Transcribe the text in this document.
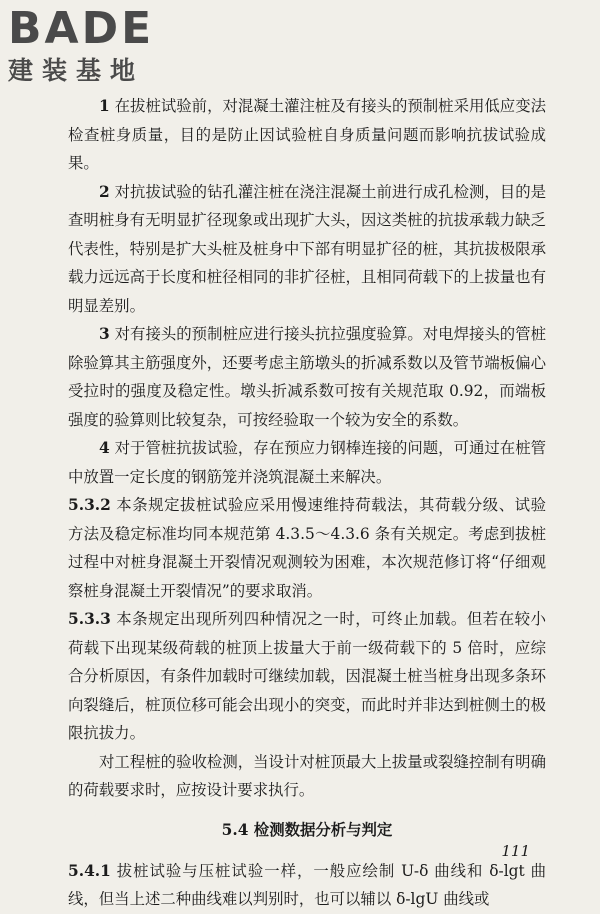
BADE
建装基地

1 在拔桩试验前，对混凝土灌注桩及有接头的预制桩采用低应变法检查桩身质量，目的是防止因试验桩自身质量问题而影响抗拔试验成果。

2 对抗拔试验的钻孔灌注桩在浇注混凝土前进行成孔检测，目的是查明桩身有无明显扩径现象或出现扩大头，因这类桩的抗拔承载力缺乏代表性，特别是扩大头桩及桩身中下部有明显扩径的桩，其抗拔极限承载力远远高于长度和桩径相同的非扩径桩，且相同荷载下的上拔量也有明显差别。

3 对有接头的预制桩应进行接头抗拉强度验算。对电焊接头的管桩除验算其主筋强度外，还要考虑主筋墩头的折减系数以及管节端板偏心受拉时的强度及稳定性。墩头折减系数可按有关规范取 0.92，而端板强度的验算则比较复杂，可按经验取一个较为安全的系数。

4 对于管桩抗拔试验，存在预应力钢棒连接的问题，可通过在桩管中放置一定长度的钢筋笼并浇筑混凝土来解决。

5.3.2 本条规定拔桩试验应采用慢速维持荷载法，其荷载分级、试验方法及稳定标准均同本规范第 4.3.5～4.3.6 条有关规定。考虑到拔桩过程中对桩身混凝土开裂情况观测较为困难，本次规范修订将“仔细观察桩身混凝土开裂情况”的要求取消。

5.3.3 本条规定出现所列四种情况之一时，可终止加载。但若在较小荷载下出现某级荷载的桩顶上拔量大于前一级荷载下的 5 倍时，应综合分析原因，有条件加载时可继续加载，因混凝土桩当桩身出现多条环向裂缝后，桩顶位移可能会出现小的突变，而此时并非达到桩侧土的极限抗拔力。

对工程桩的验收检测，当设计对桩顶最大上拔量或裂缝控制有明确的荷载要求时，应按设计要求执行。

5.4 检测数据分析与判定

5.4.1 拔桩试验与压桩试验一样，一般应绘制 U-δ 曲线和 δ-lgt 曲线，但当上述二种曲线难以判别时，也可以辅以 δ-lgU 曲线或

111
